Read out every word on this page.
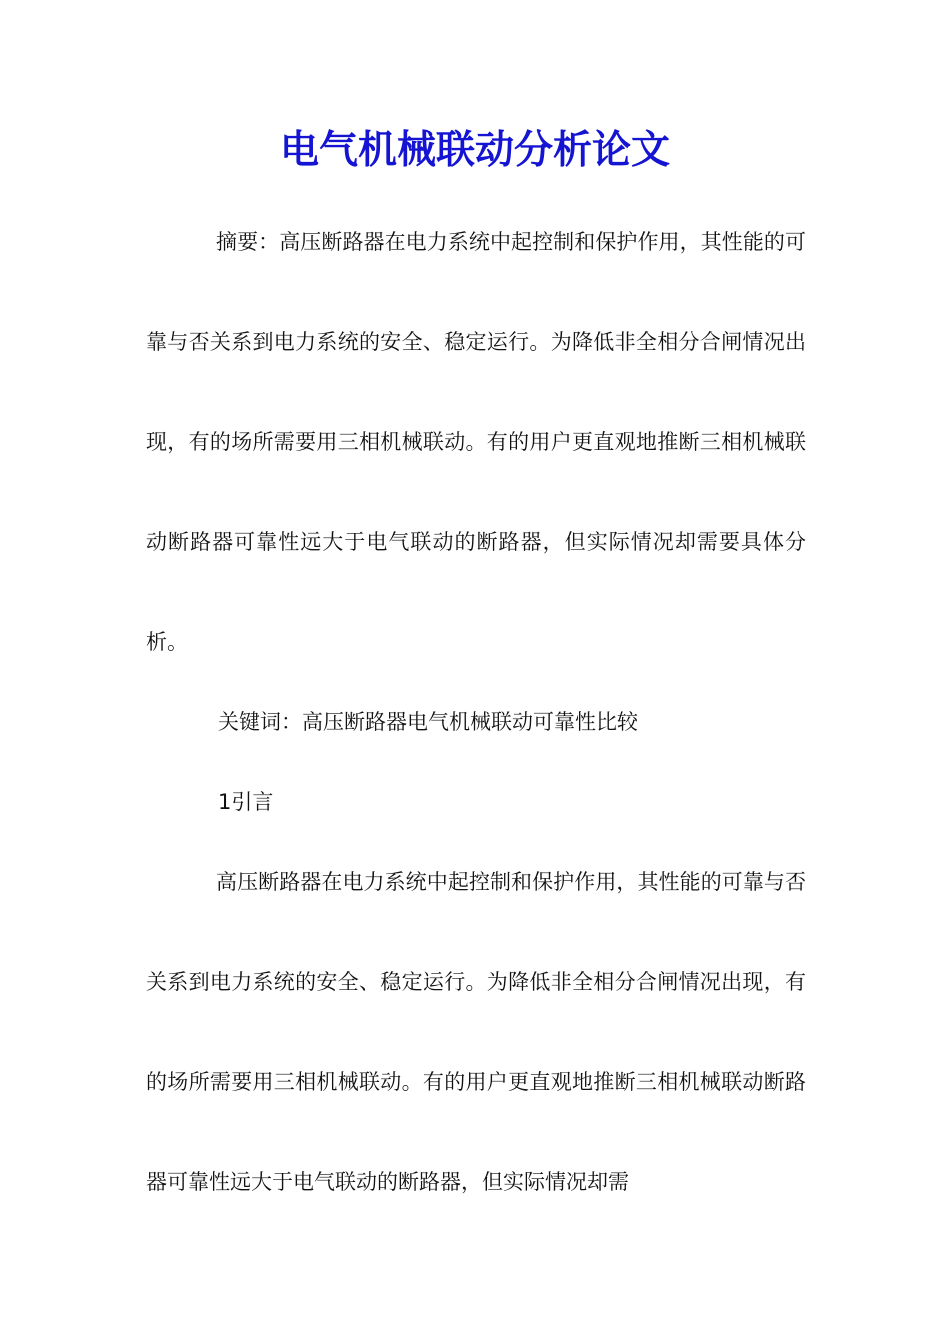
电气机械联动分析论文

摘要：高压断路器在电力系统中起控制和保护作用，其性能的可靠与否关系到电力系统的安全、稳定运行。为降低非全相分合闸情况出现，有的场所需要用三相机械联动。有的用户更直观地推断三相机械联动断路器可靠性远大于电气联动的断路器，但实际情况却需要具体分析。

关键词：高压断路器电气机械联动可靠性比较

1引言

高压断路器在电力系统中起控制和保护作用，其性能的可靠与否关系到电力系统的安全、稳定运行。为降低非全相分合闸情况出现，有的场所需要用三相机械联动。有的用户更直观地推断三相机械联动断路器可靠性远大于电气联动的断路器，但实际情况却需
